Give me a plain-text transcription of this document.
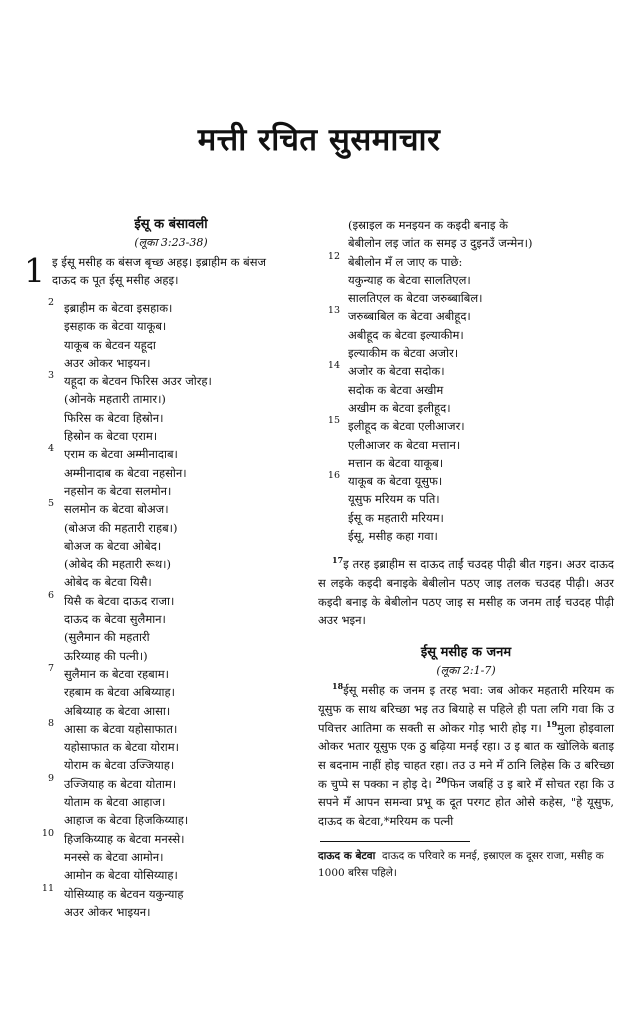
मत्ती रचित सुसमाचार
ईसू क बंसावली
(लूका 3:23-38)
1 इ ईसू मसीह क बंसज बृच्छ अहइ। इब्राहीम क बंसज
दाऊद क पूत ईसू मसीह अहइ।
2 इब्राहीम क बेटवा इसहाक।
इसहाक क बेटवा याकूब।
याकूब क बेटवन यहूदा
अउर ओकर भाइयन।
3 यहूदा क बेटवन फिरिस अउर जोरह।
(ओनके महतारी तामार।)
फिरिस क बेटवा हिस्रोन।
हिस्रोन क बेटवा एराम।
4 एराम क बेटवा अम्मीनादाब।
अम्मीनादाब क बेटवा नहसोन।
नहसोन क बेटवा सलमोन।
5 सलमोन क बेटवा बोअज।
(बोअज की महतारी राहब।)
बोअज क बेटवा ओबेद।
(ओबेद की महतारी रूथ।)
ओबेद क बेटवा यिसै।
6 यिसै क बेटवा दाऊद राजा।
दाऊद क बेटवा सुलैमान।
(सुलैमान की महतारी
ऊरिय्याह की पत्नी।)
7 सुलैमान क बेटवा रहबाम।
रहबाम क बेटवा अबिय्याह।
अबिय्याह क बेटवा आसा।
8 आसा क बेटवा यहोसाफात।
यहोसाफात क बेटवा योराम।
योराम क बेटवा उज्जियाह।
9 उज्जियाह क बेटवा योताम।
योताम क बेटवा आहाज।
आहाज क बेटवा हिजकिय्याह।
10 हिजकिय्याह क बेटवा मनस्से।
मनस्से क बेटवा आमोन।
आमोन क बेटवा योसिय्याह।
11 योसिय्याह क बेटवन यकुन्याह
अउर ओकर भाइयन।
(इस्राइल क मनइयन क कइदी बनाइ के
बेबीलोन लइ जांत क समइ उ दुइनउँ जन्मेन।)
12 बेबीलोन मँ ल जाए क पाछे:
यकुन्याह क बेटवा सालतिएल।
सालतिएल क बेटवा जरुब्बाबिल।
13 जरुब्बाबिल क बेटवा अबीहूद।
अबीहूद क बेटवा इल्याकीम।
इल्याकीम क बेटवा अजोर।
14 अजोर क बेटवा सदोक।
सदोक क बेटवा अखीम
अखीम क बेटवा इलीहूद।
15 इलीहूद क बेटवा एलीआजर।
एलीआजर क बेटवा मत्तान।
मत्तान क बेटवा याकूब।
16 याकूब क बेटवा यूसुफ।
यूसुफ मरियम क पति।
ईसू क महतारी मरियम।
ईसू, मसीह कहा गवा।

$^{17}$इ तरह इब्राहीम स दाऊद ताईं चउदह पीढ़ी बीत गइन। अउर दाऊद स लइके कइदी बनाइके बेबीलोन पठए जाइ तलक चउदह पीढ़ी। अउर कइदी बनाइ के बेबीलोन पठए जाइ स मसीह क जनम ताईं चउदह पीढ़ी अउर भइन।

ईसू मसीह क जनम
(लूका 2:1-7)

$^{18}$ईसू मसीह क जनम इ तरह भवा: जब ओकर महतारी मरियम क यूसुफ क साथ बरिच्छा भइ तउ बियाहे स पहिले ही पता लगि गवा कि उ पवित्तर आतिमा क सक्ती स ओकर गोड़ भारी होइ ग। $^{19}$मुला होइवाला ओकर भतार यूसुफ एक ठु बढ़िया मनई रहा। उ इ बात क खोलिके बताइ स बदनाम नाहीं होइ चाहत रहा। तउ उ मने मँ ठानि लिहेस कि उ बरिच्छा क चुप्पे स पक्का न होइ दे। $^{20}$फिन जबहिं उ इ बारे मँ सोचत रहा कि उ सपने मँ आपन समन्वा प्रभू क दूत परगट होत ओसे कहेस, "हे यूसुफ, दाऊद क बेटवा,*मरियम क पत्नी

दाऊद क बेटवा दाऊद क परिवारे क मनई, इस्राएल क दूसर राजा, मसीह क 1000 बरिस पहिले।
